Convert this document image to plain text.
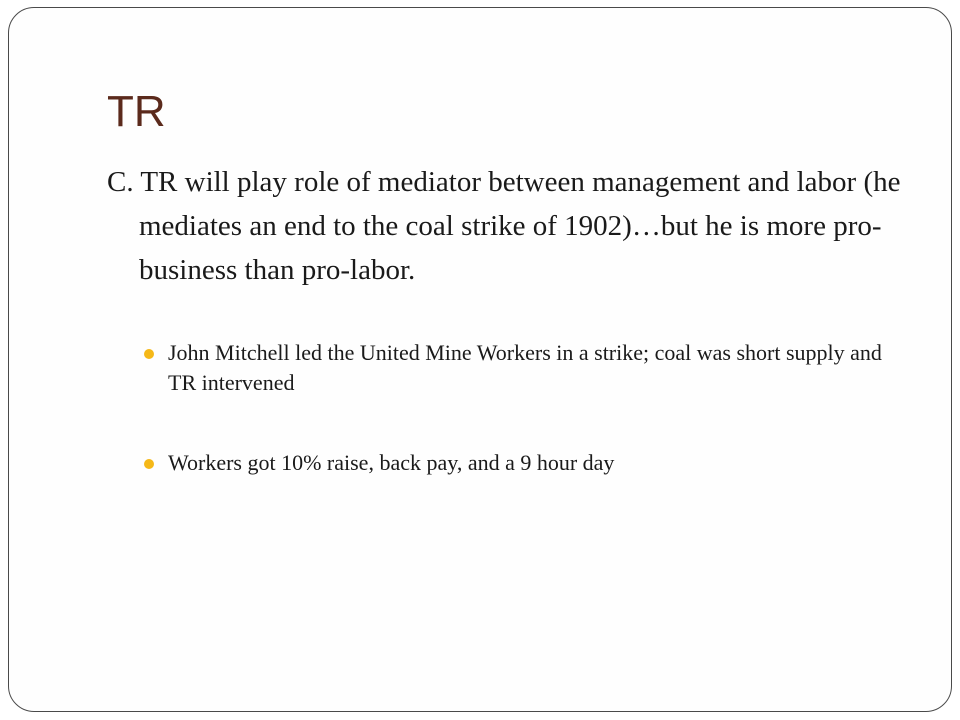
TR

C. TR will play role of mediator between management and labor (he mediates an end to the coal strike of 1902)…but he is more pro-business than pro-labor.

John Mitchell led the United Mine Workers in a strike; coal was short supply and TR intervened
Workers got 10% raise, back pay, and a 9 hour day
